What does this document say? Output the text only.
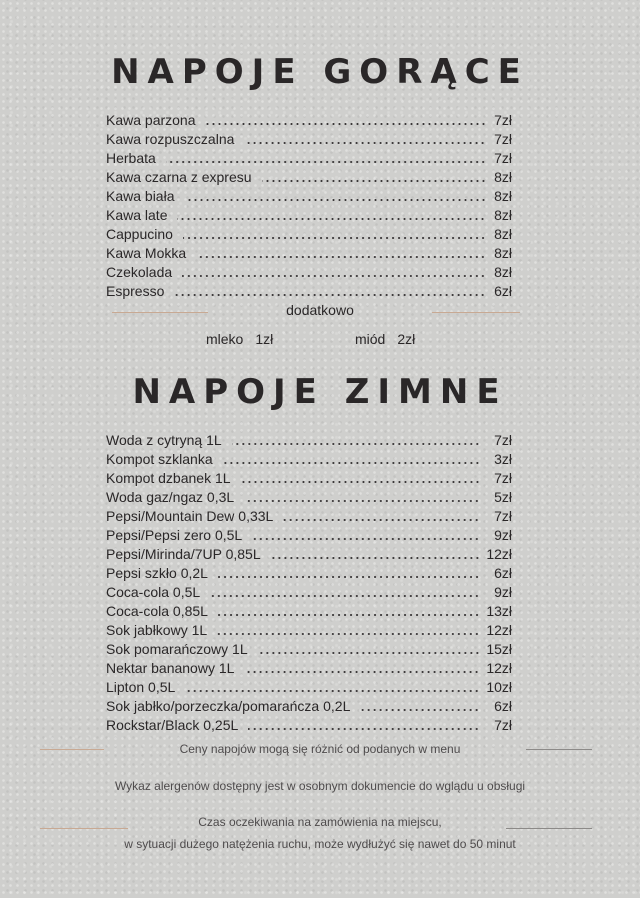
NAPOJE GORĄCE
Kawa parzona	7zł
Kawa rozpuszczalna	7zł
Herbata	7zł
Kawa czarna z expresu	8zł
Kawa biała	8zł
Kawa late	8zł
Cappucino	8zł
Kawa Mokka	8zł
Czekolada	8zł
Espresso	6zł
dodatkowo
mleko 1zł	miód 2zł
NAPOJE ZIMNE
Woda z cytryną 1L	7zł
Kompot szklanka	3zł
Kompot dzbanek 1L	7zł
Woda gaz/ngaz 0,3L	5zł
Pepsi/Mountain Dew 0,33L	7zł
Pepsi/Pepsi zero 0,5L	9zł
Pepsi/Mirinda/7UP 0,85L	12zł
Pepsi szkło 0,2L	6zł
Coca-cola 0,5L	9zł
Coca-cola 0,85L	13zł
Sok jabłkowy 1L	12zł
Sok pomarańczowy 1L	15zł
Nektar bananowy 1L	12zł
Lipton 0,5L	10zł
Sok jabłko/porzeczka/pomarańcza 0,2L	6zł
Rockstar/Black 0,25L	7zł
Ceny napojów mogą się różnić od podanych w menu
Wykaz alergenów dostępny jest w osobnym dokumencie do wglądu u obsługi
Czas oczekiwania na zamówienia na miejscu,
w sytuacji dużego natężenia ruchu, może wydłużyć się nawet do 50 minut
